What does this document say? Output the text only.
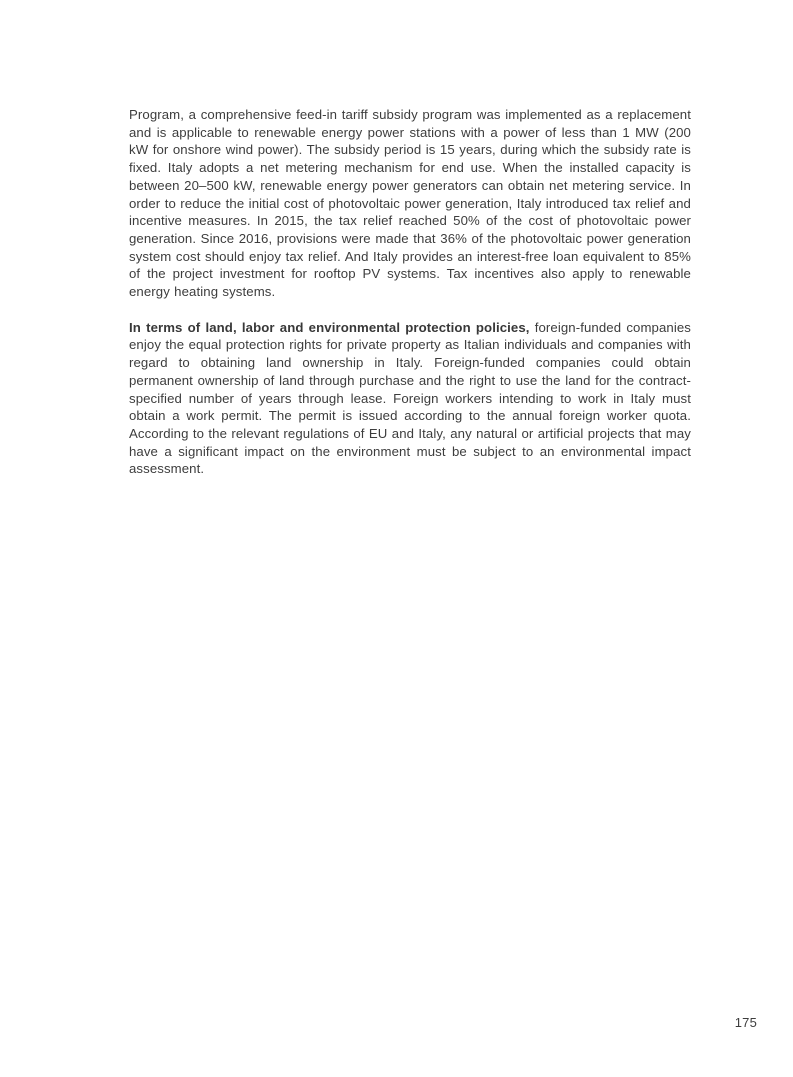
Program, a comprehensive feed-in tariff subsidy program was implemented as a replacement and is applicable to renewable energy power stations with a power of less than 1 MW (200 kW for onshore wind power). The subsidy period is 15 years, during which the subsidy rate is fixed. Italy adopts a net metering mechanism for end use. When the installed capacity is between 20–500 kW, renewable energy power generators can obtain net metering service. In order to reduce the initial cost of photovoltaic power generation, Italy introduced tax relief and incentive measures. In 2015, the tax relief reached 50% of the cost of photovoltaic power generation. Since 2016, provisions were made that 36% of the photovoltaic power generation system cost should enjoy tax relief. And Italy provides an interest-free loan equivalent to 85% of the project investment for rooftop PV systems. Tax incentives also apply to renewable energy heating systems.

In terms of land, labor and environmental protection policies, foreign-funded companies enjoy the equal protection rights for private property as Italian individuals and companies with regard to obtaining land ownership in Italy. Foreign-funded companies could obtain permanent ownership of land through purchase and the right to use the land for the contract-specified number of years through lease. Foreign workers intending to work in Italy must obtain a work permit. The permit is issued according to the annual foreign worker quota. According to the relevant regulations of EU and Italy, any natural or artificial projects that may have a significant impact on the environment must be subject to an environmental impact assessment.

175
